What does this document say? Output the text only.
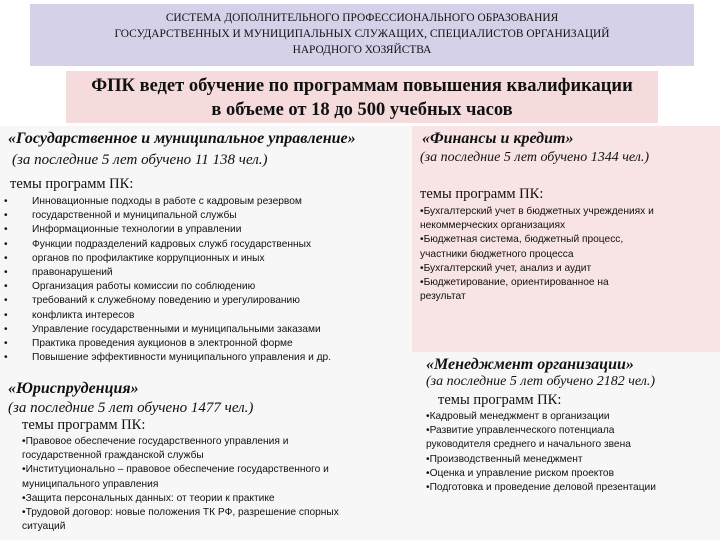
СИСТЕМА ДОПОЛНИТЕЛЬНОГО ПРОФЕССИОНАЛЬНОГО ОБРАЗОВАНИЯ
ГОСУДАРСТВЕННЫХ И МУНИЦИПАЛЬНЫХ СЛУЖАЩИХ, СПЕЦИАЛИСТОВ ОРГАНИЗАЦИЙ
НАРОДНОГО ХОЗЯЙСТВА
ФПК ведет обучение по программам повышения квалификации
в объеме от 18 до 500 учебных часов
«Государственное и муниципальное управление»
(за последние 5 лет обучено 11 138 чел.)
темы программ ПК:
• Инновационные подходы в работе с кадровым резервом
• государственной и муниципальной службы
• Информационные технологии в управлении
• Функции подразделений кадровых служб государственных
• органов по профилактике коррупционных и иных
• правонарушений
• Организация работы комиссии по соблюдению
• требований к служебному поведению и урегулированию
• конфликта интересов
• Управление государственными и муниципальными заказами
• Практика проведения аукционов в электронной форме
• Повышение эффективности муниципального управления и др.
«Финансы и кредит»
(за последние 5 лет обучено 1344 чел.)
темы программ ПК:
•Бухгалтерский учет в бюджетных учреждениях и
некоммерческих организациях
•Бюджетная система, бюджетный процесс,
участники бюджетного процесса
•Бухгалтерский учет, анализ и аудит
•Бюджетирование, ориентированное на
результат
«Юриспруденция»
(за последние 5 лет обучено 1477 чел.)
темы программ ПК:
•Правовое обеспечение государственного управления и
государственной гражданской службы
•Институционально – правовое обеспечение государственного и
муниципального управления
•Защита персональных данных: от теории к практике
•Трудовой договор: новые положения ТК РФ, разрешение спорных
ситуаций
«Менеджмент организации»
(за последние 5 лет обучено 2182 чел.)
темы программ ПК:
•Кадровый менеджмент в организации
•Развитие управленческого потенциала
руководителя среднего и начального звена
•Производственный менеджмент
•Оценка и управление риском проектов
•Подготовка и проведение деловой презентации
